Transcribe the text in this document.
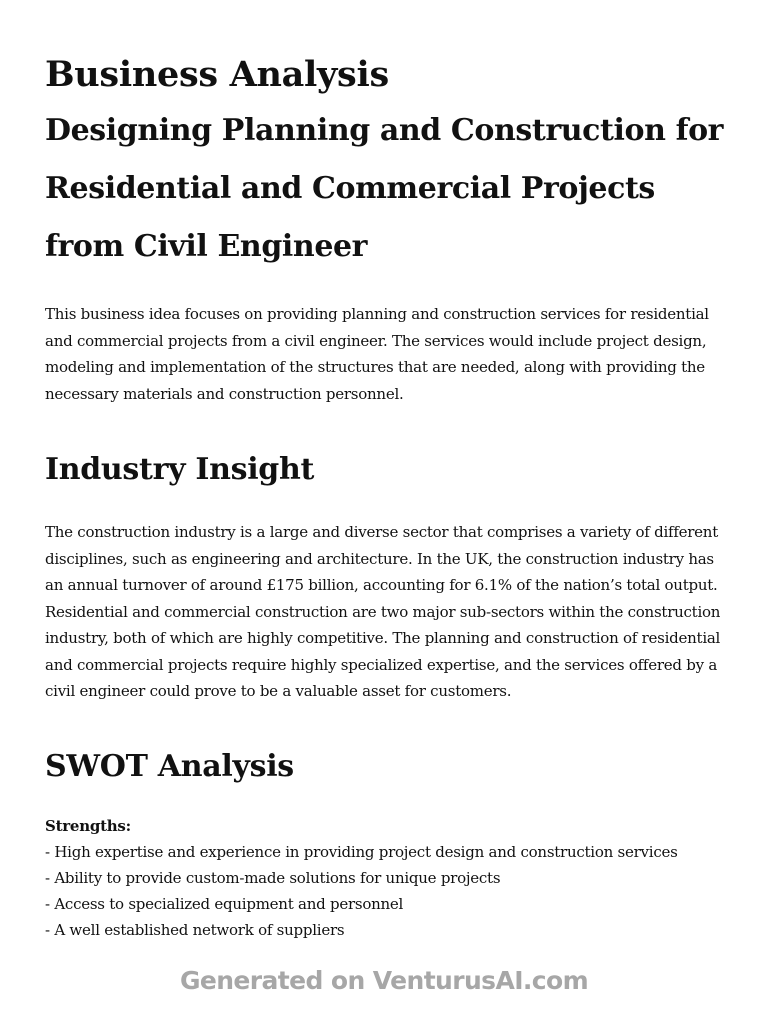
Business Analysis
Designing Planning and Construction for Residential and Commercial Projects from Civil Engineer

This business idea focuses on providing planning and construction services for residential and commercial projects from a civil engineer. The services would include project design, modeling and implementation of the structures that are needed, along with providing the necessary materials and construction personnel.

Industry Insight

The construction industry is a large and diverse sector that comprises a variety of different disciplines, such as engineering and architecture. In the UK, the construction industry has an annual turnover of around £175 billion, accounting for 6.1% of the nation’s total output. Residential and commercial construction are two major sub-sectors within the construction industry, both of which are highly competitive. The planning and construction of residential and commercial projects require highly specialized expertise, and the services offered by a civil engineer could prove to be a valuable asset for customers.

SWOT Analysis

Strengths:

- High expertise and experience in providing project design and construction services
- Ability to provide custom-made solutions for unique projects
- Access to specialized equipment and personnel
- A well established network of suppliers
Generated on VenturusAI.com
